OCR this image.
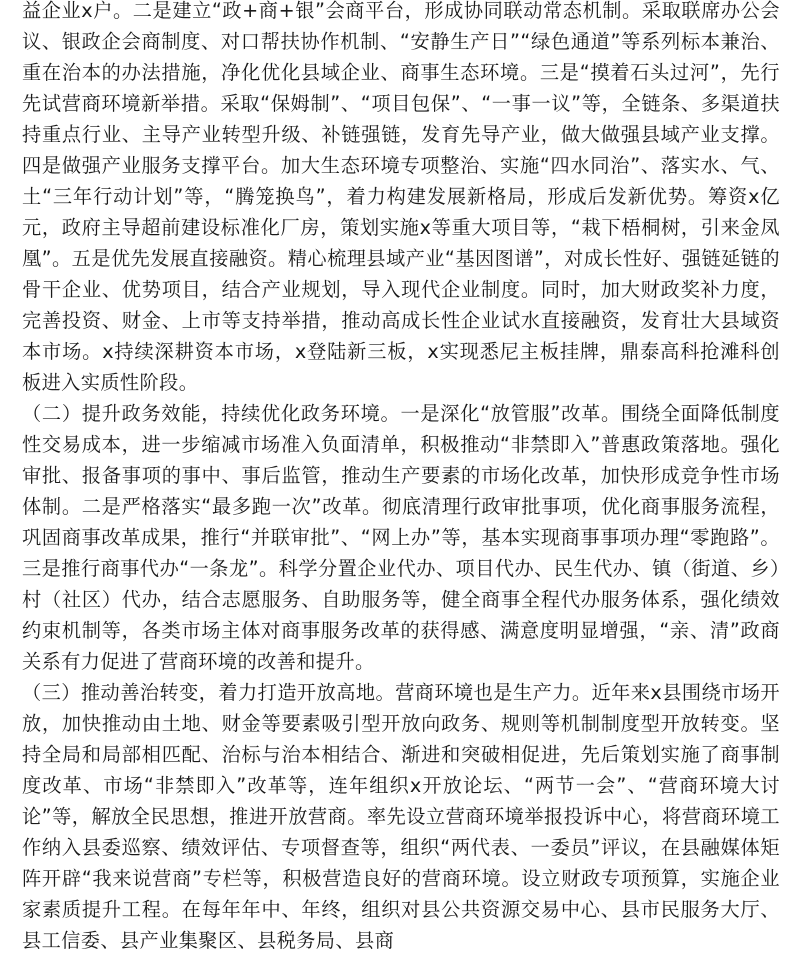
益企业x户。二是建立“政+商+银”会商平台，形成协同联动常态机制。采取联席办公会议、银政企会商制度、对口帮扶协作机制、“安静生产日”“绿色通道”等系列标本兼治、重在治本的办法措施，净化优化县域企业、商事生态环境。三是“摸着石头过河”，先行先试营商环境新举措。采取“保姆制”、“项目包保”、“一事一议”等，全链条、多渠道扶持重点行业、主导产业转型升级、补链强链，发育先导产业，做大做强县域产业支撑。四是做强产业服务支撑平台。加大生态环境专项整治、实施“四水同治”、落实水、气、土“三年行动计划”等，“腾笼换鸟”，着力构建发展新格局，形成后发新优势。筹资x亿元，政府主导超前建设标准化厂房，策划实施x等重大项目等，“栽下梧桐树，引来金凤凰”。五是优先发展直接融资。精心梳理县域产业“基因图谱”，对成长性好、强链延链的骨干企业、优势项目，结合产业规划，导入现代企业制度。同时，加大财政奖补力度，完善投资、财金、上市等支持举措，推动高成长性企业试水直接融资，发育壮大县域资本市场。x持续深耕资本市场，x登陆新三板，x实现悉尼主板挂牌，鼎泰高科抢滩科创板进入实质性阶段。

（二）提升政务效能，持续优化政务环境。一是深化“放管服”改革。围绕全面降低制度性交易成本，进一步缩减市场准入负面清单，积极推动“非禁即入”普惠政策落地。强化审批、报备事项的事中、事后监管，推动生产要素的市场化改革，加快形成竞争性市场体制。二是严格落实“最多跑一次”改革。彻底清理行政审批事项，优化商事服务流程，巩固商事改革成果，推行“并联审批”、“网上办”等，基本实现商事事项办理“零跑路”。三是推行商事代办“一条龙”。科学分置企业代办、项目代办、民生代办、镇（街道、乡）村（社区）代办，结合志愿服务、自助服务等，健全商事全程代办服务体系，强化绩效约束机制等，各类市场主体对商事服务改革的获得感、满意度明显增强，“亲、清”政商关系有力促进了营商环境的改善和提升。

（三）推动善治转变，着力打造开放高地。营商环境也是生产力。近年来x县围绕市场开放，加快推动由土地、财金等要素吸引型开放向政务、规则等机制制度型开放转变。坚持全局和局部相匹配、治标与治本相结合、渐进和突破相促进，先后策划实施了商事制度改革、市场“非禁即入”改革等，连年组织x开放论坛、“两节一会”、“营商环境大讨论”等，解放全民思想，推进开放营商。率先设立营商环境举报投诉中心，将营商环境工作纳入县委巡察、绩效评估、专项督查等，组织“两代表、一委员”评议，在县融媒体矩阵开辟“我来说营商”专栏等，积极营造良好的营商环境。设立财政专项预算，实施企业家素质提升工程。在每年年中、年终，组织对县公共资源交易中心、县市民服务大厅、县工信委、县产业集聚区、县税务局、县商
